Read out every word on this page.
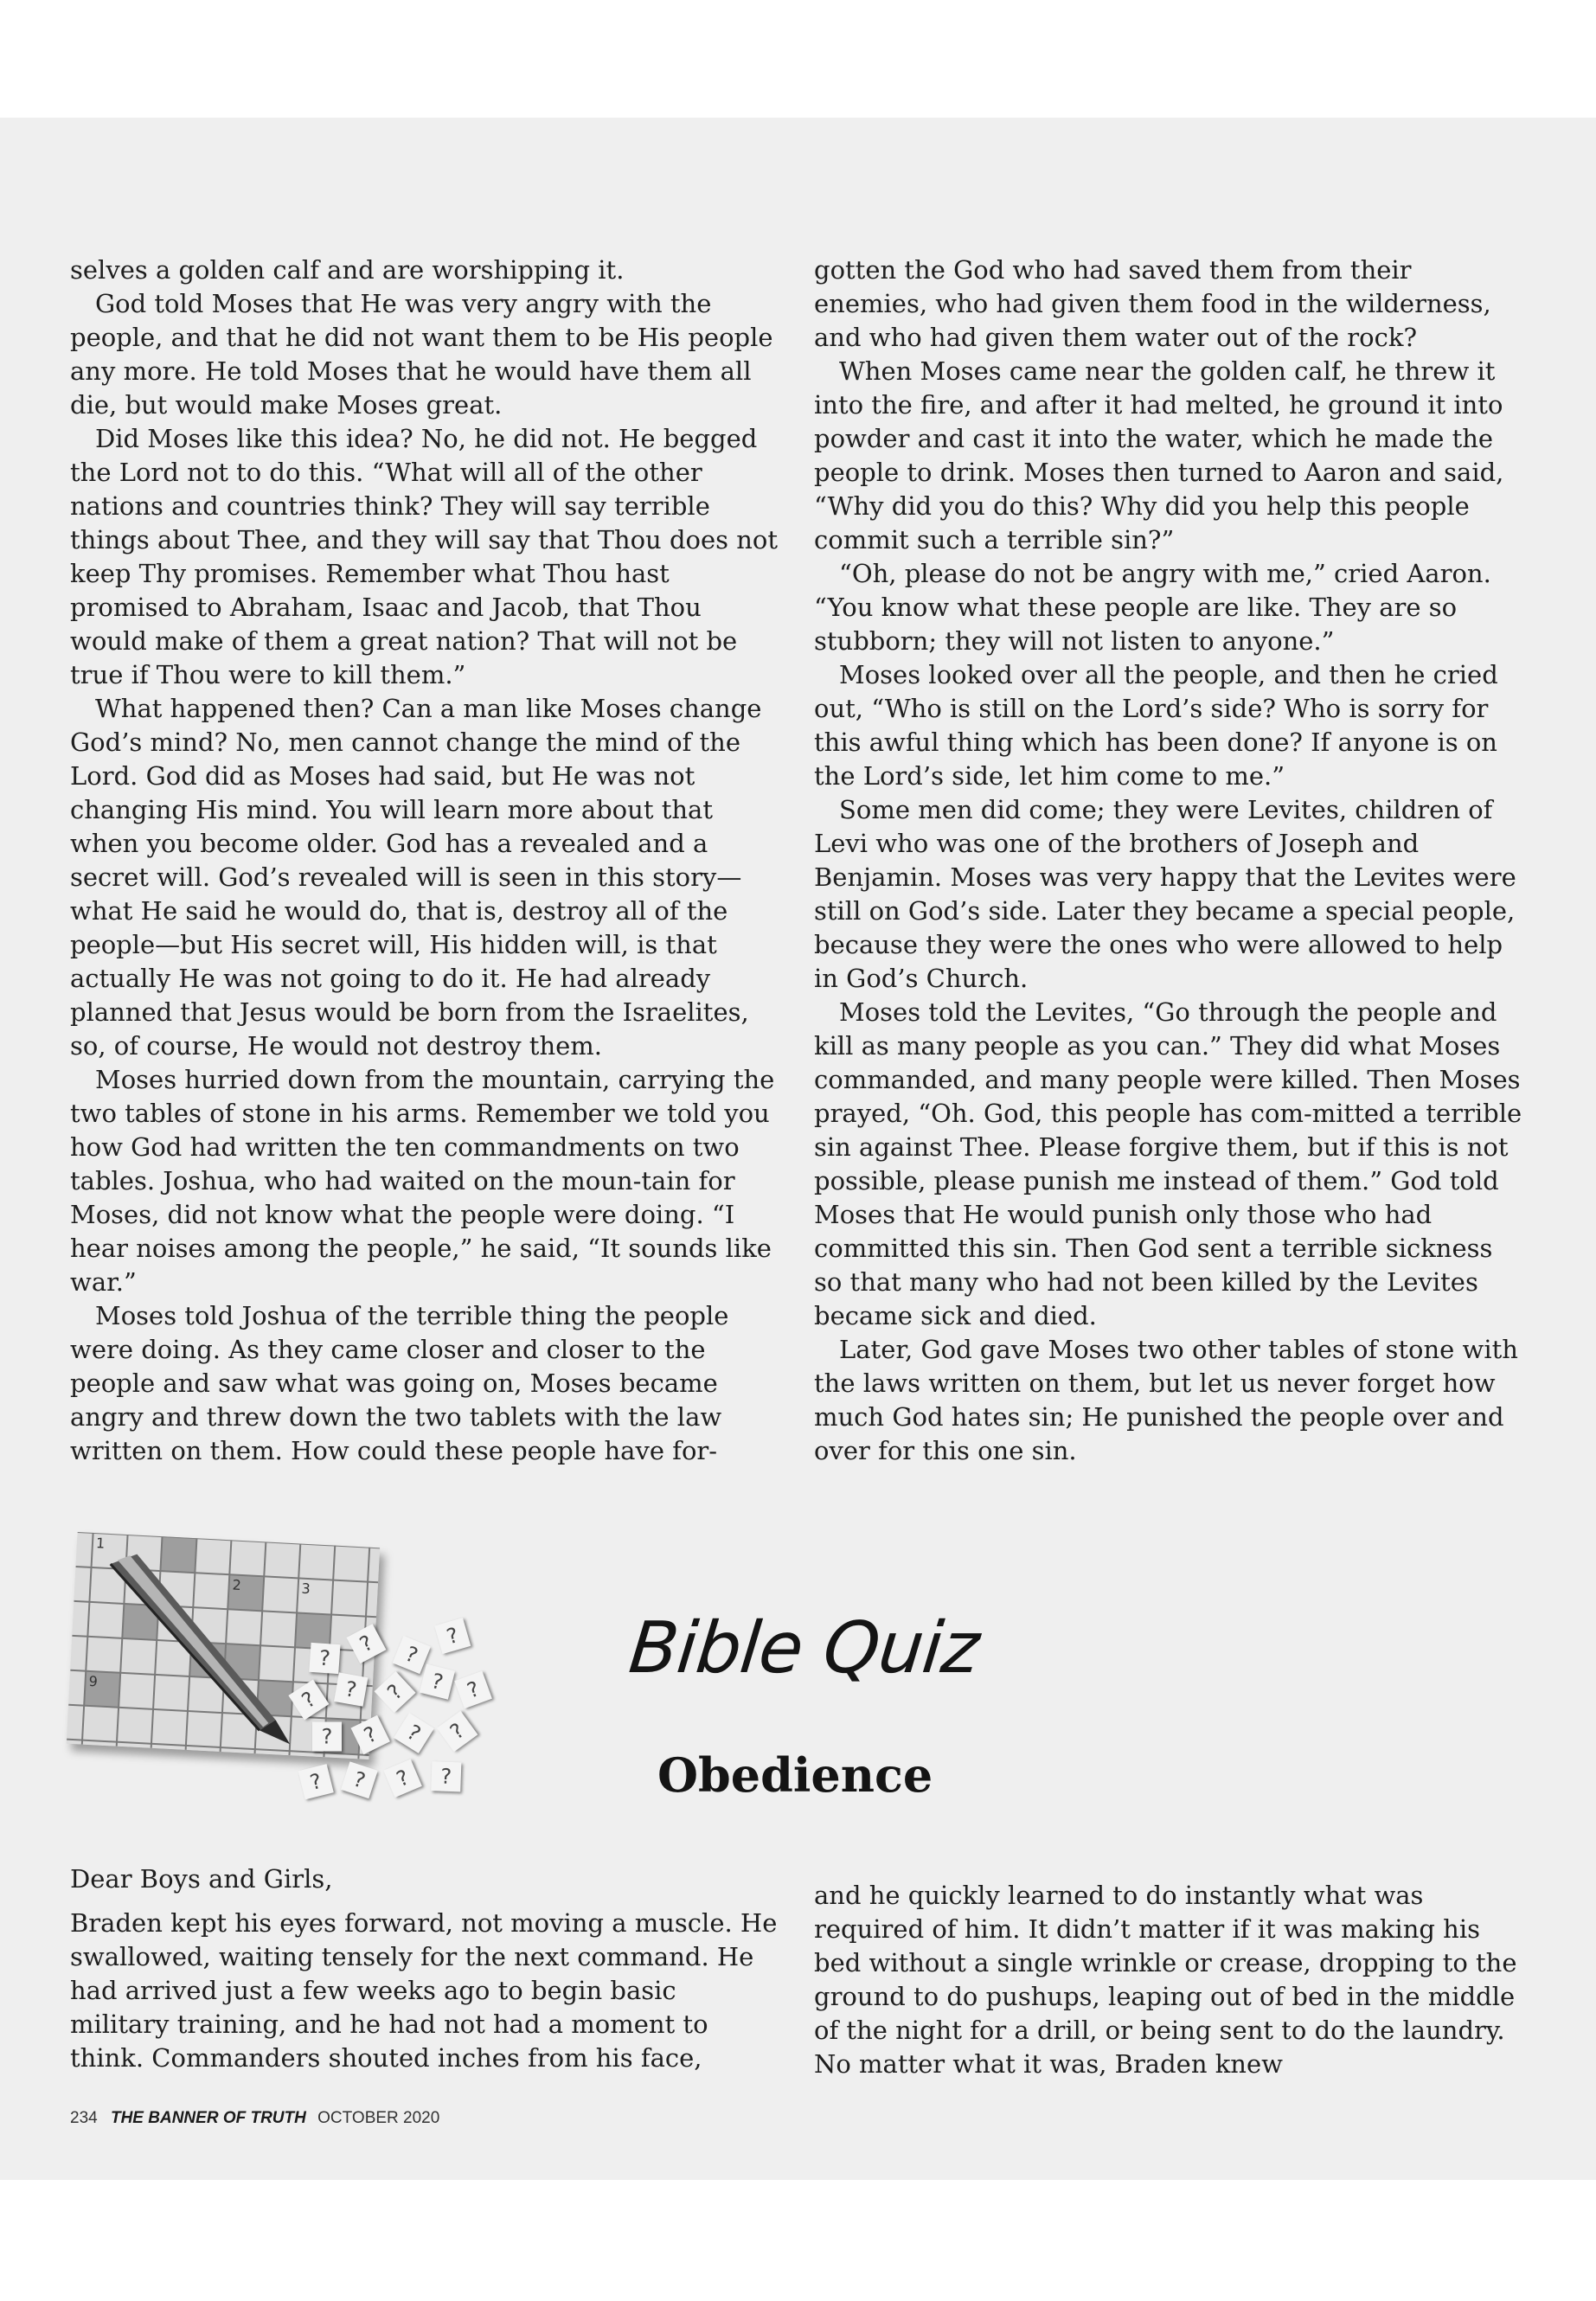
selves a golden calf and are worshipping it.

God told Moses that He was very angry with the people, and that he did not want them to be His people any more. He told Moses that he would have them all die, but would make Moses great.

Did Moses like this idea? No, he did not. He begged the Lord not to do this. “What will all of the other nations and countries think? They will say terrible things about Thee, and they will say that Thou does not keep Thy promises. Remember what Thou hast promised to Abraham, Isaac and Jacob, that Thou would make of them a great nation? That will not be true if Thou were to kill them.”

What happened then? Can a man like Moses change God’s mind? No, men cannot change the mind of the Lord. God did as Moses had said, but He was not changing His mind. You will learn more about that when you become older. God has a revealed and a secret will. God’s revealed will is seen in this story—what He said he would do, that is, destroy all of the people—but His secret will, His hidden will, is that actually He was not going to do it. He had already planned that Jesus would be born from the Israelites, so, of course, He would not destroy them.

Moses hurried down from the mountain, carrying the two tables of stone in his arms. Remember we told you how God had written the ten commandments on two tables. Joshua, who had waited on the moun-tain for Moses, did not know what the people were doing. “I hear noises among the people,” he said, “It sounds like war.”

Moses told Joshua of the terrible thing the people were doing. As they came closer and closer to the people and saw what was going on, Moses became angry and threw down the two tablets with the law written on them. How could these people have for-

gotten the God who had saved them from their enemies, who had given them food in the wilderness, and who had given them water out of the rock?

When Moses came near the golden calf, he threw it into the fire, and after it had melted, he ground it into powder and cast it into the water, which he made the people to drink. Moses then turned to Aaron and said, “Why did you do this? Why did you help this people commit such a terrible sin?”

“Oh, please do not be angry with me,” cried Aaron. “You know what these people are like. They are so stubborn; they will not listen to anyone.”

Moses looked over all the people, and then he cried out, “Who is still on the Lord’s side? Who is sorry for this awful thing which has been done? If anyone is on the Lord’s side, let him come to me.”

Some men did come; they were Levites, children of Levi who was one of the brothers of Joseph and Benjamin. Moses was very happy that the Levites were still on God’s side. Later they became a special people, because they were the ones who were allowed to help in God’s Church.

Moses told the Levites, “Go through the people and kill as many people as you can.” They did what Moses commanded, and many people were killed. Then Moses prayed, “Oh. God, this people has com-mitted a terrible sin against Thee. Please forgive them, but if this is not possible, please punish me instead of them.” God told Moses that He would punish only those who had committed this sin. Then God sent a terrible sickness so that many who had not been killed by the Levites became sick and died.

Later, God gave Moses two other tables of stone with the laws written on them, but let us never forget how much God hates sin; He punished the people over and over for this one sin.

1
2	3
9
?
?	?
?
?	?	?	? ?
?	?	? ?
?	?	?	?
Bible Quiz
Obedience

Dear Boys and Girls,

Braden kept his eyes forward, not moving a muscle. He swallowed, waiting tensely for the next command. He had arrived just a few weeks ago to begin basic military training, and he had not had a moment to think. Commanders shouted inches from his face,

and he quickly learned to do instantly what was required of him. It didn’t matter if it was making his bed without a single wrinkle or crease, dropping to the ground to do pushups, leaping out of bed in the middle of the night for a drill, or being sent to do the laundry. No matter what it was, Braden knew

234 THE BANNER OF TRUTH OCTOBER 2020
